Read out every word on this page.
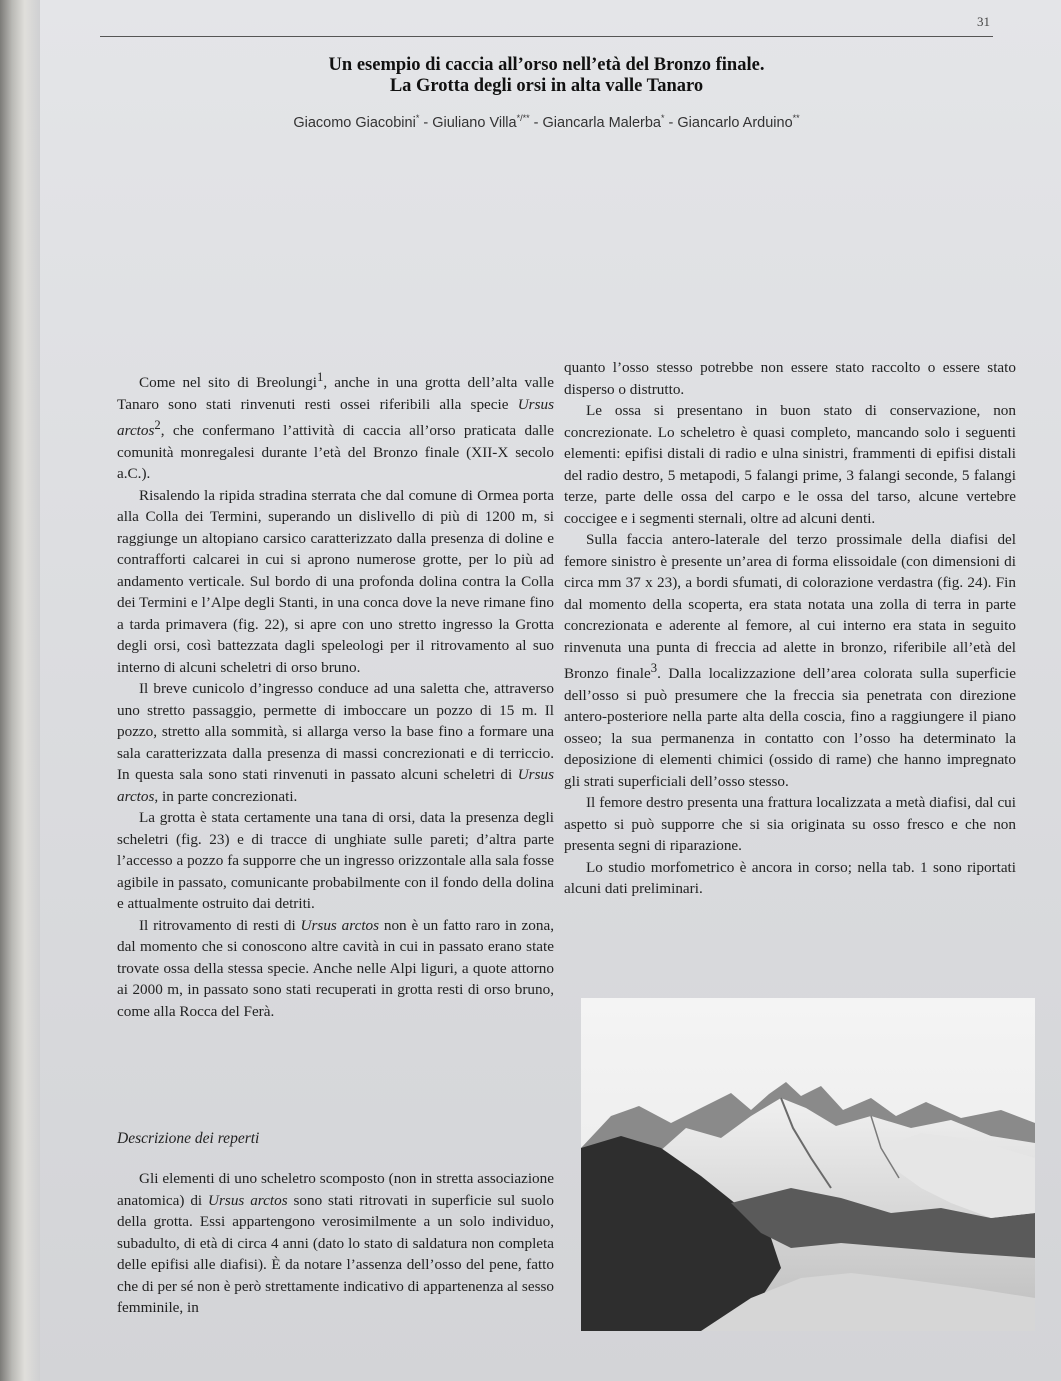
31
Un esempio di caccia all’orso nell’età del Bronzo finale.
La Grotta degli orsi in alta valle Tanaro
Giacomo Giacobini* - Giuliano Villa*/** - Giancarla Malerba* - Giancarlo Arduino**

Come nel sito di Breolungi$^1$, anche in una grotta dell’alta valle Tanaro sono stati rinvenuti resti ossei riferibili alla specie Ursus arctos$^2$, che confermano l’attività di caccia all’orso praticata dalle comunità monregalesi durante l’età del Bronzo finale (XII-X secolo a.C.).

Risalendo la ripida stradina sterrata che dal comune di Ormea porta alla Colla dei Termini, superando un dislivello di più di 1200 m, si raggiunge un altopiano carsico caratterizzato dalla presenza di doline e contrafforti calcarei in cui si aprono numerose grotte, per lo più ad andamento verticale. Sul bordo di una profonda dolina contra la Colla dei Termini e l’Alpe degli Stanti, in una conca dove la neve rimane fino a tarda primavera (fig. 22), si apre con uno stretto ingresso la Grotta degli orsi, così battezzata dagli speleologi per il ritrovamento al suo interno di alcuni scheletri di orso bruno.

Il breve cunicolo d’ingresso conduce ad una saletta che, attraverso uno stretto passaggio, permette di imboccare un pozzo di 15 m. Il pozzo, stretto alla sommità, si allarga verso la base fino a formare una sala caratterizzata dalla presenza di massi concrezionati e di terriccio. In questa sala sono stati rinvenuti in passato alcuni scheletri di Ursus arctos, in parte concrezionati.

La grotta è stata certamente una tana di orsi, data la presenza degli scheletri (fig. 23) e di tracce di unghiate sulle pareti; d’altra parte l’accesso a pozzo fa supporre che un ingresso orizzontale alla sala fosse agibile in passato, comunicante probabilmente con il fondo della dolina e attualmente ostruito dai detriti.

Il ritrovamento di resti di Ursus arctos non è un fatto raro in zona, dal momento che si conoscono altre cavità in cui in passato erano state trovate ossa della stessa specie. Anche nelle Alpi liguri, a quote attorno ai 2000 m, in passato sono stati recuperati in grotta resti di orso bruno, come alla Rocca del Ferà.

Descrizione dei reperti

Gli elementi di uno scheletro scomposto (non in stretta associazione anatomica) di Ursus arctos sono stati ritrovati in superficie sul suolo della grotta. Essi appartengono verosimilmente a un solo individuo, subadulto, di età di circa 4 anni (dato lo stato di saldatura non completa delle epifisi alle diafisi). È da notare l’assenza dell’osso del pene, fatto che di per sé non è però strettamente indicativo di appartenenza al sesso femminile, in

quanto l’osso stesso potrebbe non essere stato raccolto o essere stato disperso o distrutto.

Le ossa si presentano in buon stato di conservazione, non concrezionate. Lo scheletro è quasi completo, mancando solo i seguenti elementi: epifisi distali di radio e ulna sinistri, frammenti di epifisi distali del radio destro, 5 metapodi, 5 falangi prime, 3 falangi seconde, 5 falangi terze, parte delle ossa del carpo e le ossa del tarso, alcune vertebre coccigee e i segmenti sternali, oltre ad alcuni denti.

Sulla faccia antero-laterale del terzo prossimale della diafisi del femore sinistro è presente un’area di forma elissoidale (con dimensioni di circa mm 37 x 23), a bordi sfumati, di colorazione verdastra (fig. 24). Fin dal momento della scoperta, era stata notata una zolla di terra in parte concrezionata e aderente al femore, al cui interno era stata in seguito rinvenuta una punta di freccia ad alette in bronzo, riferibile all’età del Bronzo finale$^3$. Dalla localizzazione dell’area colorata sulla superficie dell’osso si può presumere che la freccia sia penetrata con direzione antero-posteriore nella parte alta della coscia, fino a raggiungere il piano osseo; la sua permanenza in contatto con l’osso ha determinato la deposizione di elementi chimici (ossido di rame) che hanno impregnato gli strati superficiali dell’osso stesso.

Il femore destro presenta una frattura localizzata a metà diafisi, dal cui aspetto si può supporre che si sia originata su osso fresco e che non presenta segni di riparazione.

Lo studio morfometrico è ancora in corso; nella tab. 1 sono riportati alcuni dati preliminari.
